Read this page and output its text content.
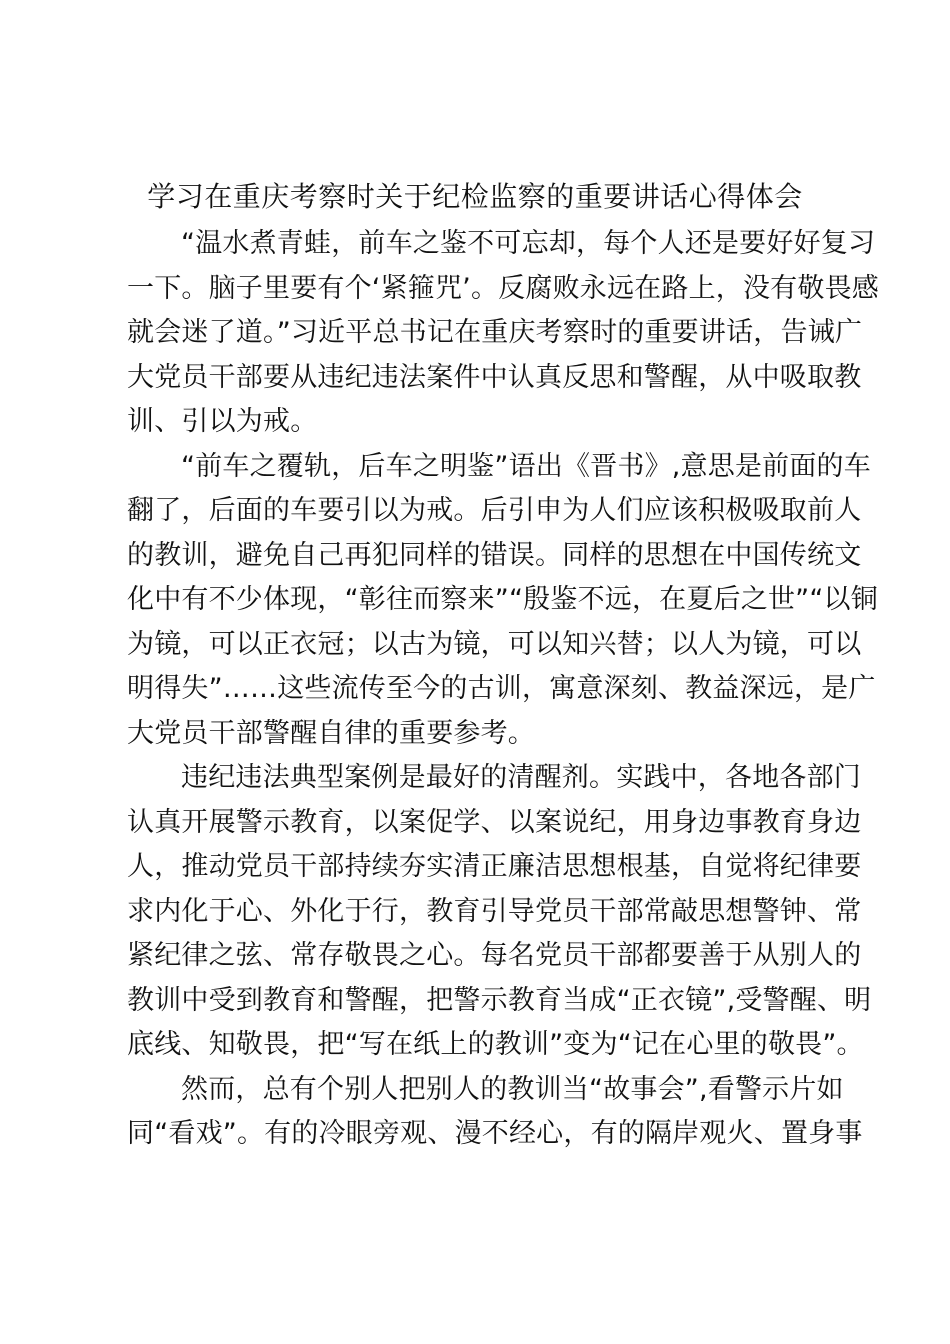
学习在重庆考察时关于纪检监察的重要讲话心得体会
“温水煮青蛙，前车之鉴不可忘却，每个人还是要好好复习
一下。脑子里要有个‘紧箍咒’。反腐败永远在路上，没有敬畏感
就会迷了道。”习近平总书记在重庆考察时的重要讲话，告诫广
大党员干部要从违纪违法案件中认真反思和警醒，从中吸取教
训、引以为戒。
“前车之覆轨，后车之明鉴”语出《晋书》,意思是前面的车
翻了，后面的车要引以为戒。后引申为人们应该积极吸取前人
的教训，避免自己再犯同样的错误。同样的思想在中国传统文
化中有不少体现，“彰往而察来”“殷鉴不远，在夏后之世”“以铜
为镜，可以正衣冠；以古为镜，可以知兴替；以人为镜，可以
明得失”……这些流传至今的古训，寓意深刻、教益深远，是广
大党员干部警醒自律的重要参考。
违纪违法典型案例是最好的清醒剂。实践中，各地各部门
认真开展警示教育，以案促学、以案说纪，用身边事教育身边
人，推动党员干部持续夯实清正廉洁思想根基，自觉将纪律要
求内化于心、外化于行，教育引导党员干部常敲思想警钟、常
紧纪律之弦、常存敬畏之心。每名党员干部都要善于从别人的
教训中受到教育和警醒，把警示教育当成“正衣镜”,受警醒、明
底线、知敬畏，把“写在纸上的教训”变为“记在心里的敬畏”。
然而，总有个别人把别人的教训当“故事会”,看警示片如
同“看戏”。有的冷眼旁观、漫不经心，有的隔岸观火、置身事
